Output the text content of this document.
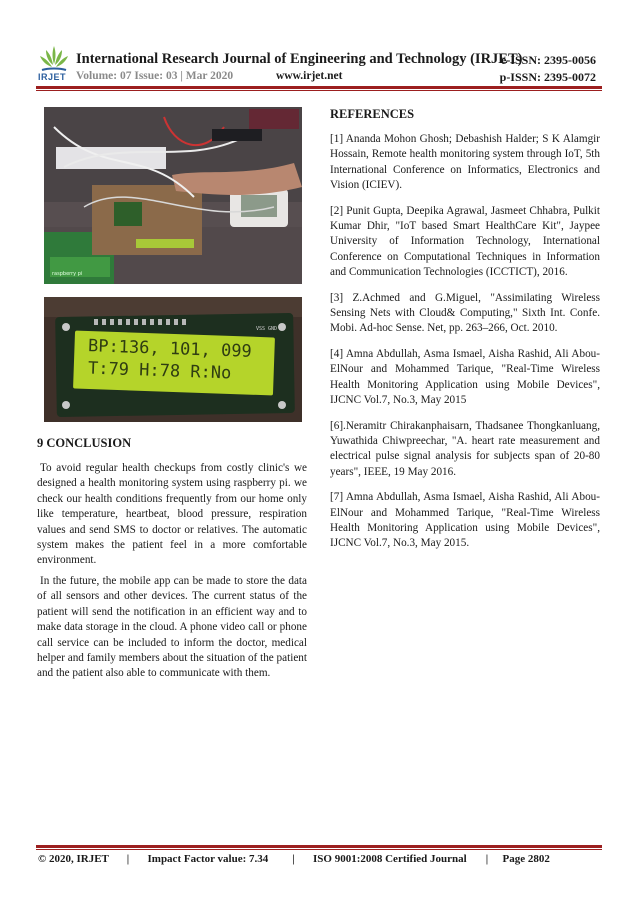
IRJET
International Research Journal of Engineering and Technology (IRJET)
e-ISSN: 2395-0056
Volume: 07 Issue: 03 | Mar 2020	www.irjet.net	p-ISSN: 2395-0072
raspberry pi
VSS GND
BP:136, 101, 099
T:79 H:78 R:No
9 CONCLUSION

To avoid regular health checkups from costly clinic's we designed a health monitoring system using raspberry pi. we check our health conditions frequently from our home only like temperature, heartbeat, blood pressure, respiration values and send SMS to doctor or relatives. The automatic system makes the patient feel in a more comfortable environment.

In the future, the mobile app can be made to store the data of all sensors and other devices. The current status of the patient will send the notification in an efficient way and to make data storage in the cloud. A phone video call or phone call service can be included to inform the doctor, medical helper and family members about the situation of the patient and the patient also able to communicate with them.

REFERENCES

[1] Ananda Mohon Ghosh; Debashish Halder; S K Alamgir Hossain, Remote health monitoring system through IoT, 5th International Conference on Informatics, Electronics and Vision (ICIEV).

[2] Punit Gupta, Deepika Agrawal, Jasmeet Chhabra, Pulkit Kumar Dhir, "IoT based Smart HealthCare Kit", Jaypee University of Information Technology, International Conference on Computational Techniques in Information and Communication Technologies (ICCTICT), 2016.

[3] Z.Achmed and G.Miguel, "Assimilating Wireless Sensing Nets with Cloud& Computing," Sixth Int. Confe. Mobi. Ad-hoc Sense. Net, pp. 263–266, Oct. 2010.

[4] Amna Abdullah, Asma Ismael, Aisha Rashid, Ali Abou-ElNour and Mohammed Tarique, "Real-Time Wireless Health Monitoring Application using Mobile Devices", IJCNC Vol.7, No.3, May 2015

[6].Neramitr Chirakanphaisarn, Thadsanee Thongkanluang, Yuwathida Chiwpreechar, "A. heart rate measurement and electrical pulse signal analysis for subjects span of 20-80 years", IEEE, 19 May 2016.

[7] Amna Abdullah, Asma Ismael, Aisha Rashid, Ali Abou-ElNour and Mohammed Tarique, "Real-Time Wireless Health Monitoring Application using Mobile Devices", IJCNC Vol.7, No.3, May 2015.

© 2020, IRJET | Impact Factor value: 7.34 | ISO 9001:2008 Certified Journal | Page 2802
